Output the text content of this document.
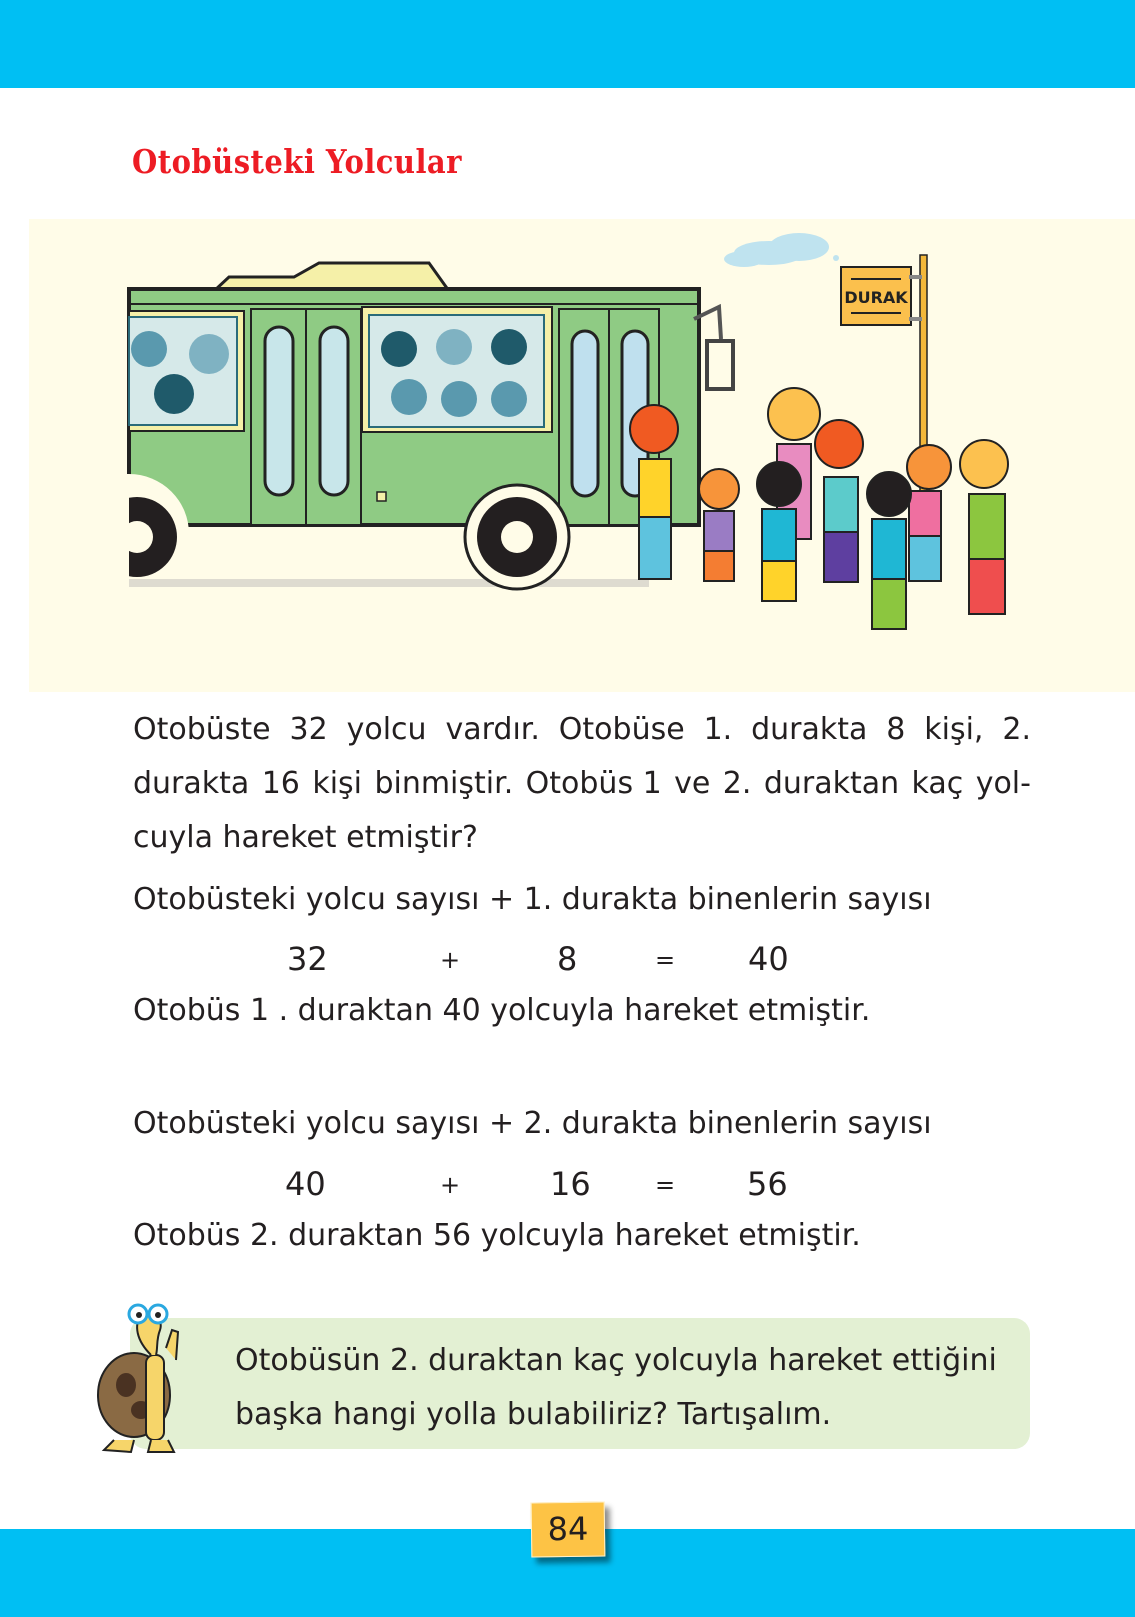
Otobüsteki Yolcular
DURAK
Otobüste 32 yolcu vardır. Otobüse 1. durakta 8 kişi, 2.
durakta 16 kişi binmiştir. Otobüs 1 ve 2. duraktan kaç yol-
cuyla hareket etmiştir?
Otobüsteki yolcu sayısı + 1. durakta binenlerin sayısı
32	+	8	= 40
Otobüs 1 . duraktan 40 yolcuyla hareket etmiştir.
Otobüsteki yolcu sayısı + 2. durakta binenlerin sayısı
40	+	16	= 56
Otobüs 2. duraktan 56 yolcuyla hareket etmiştir.
Otobüsün 2. duraktan kaç yolcuyla hareket ettiğini
başka hangi yolla bulabiliriz? Tartışalım.
84
